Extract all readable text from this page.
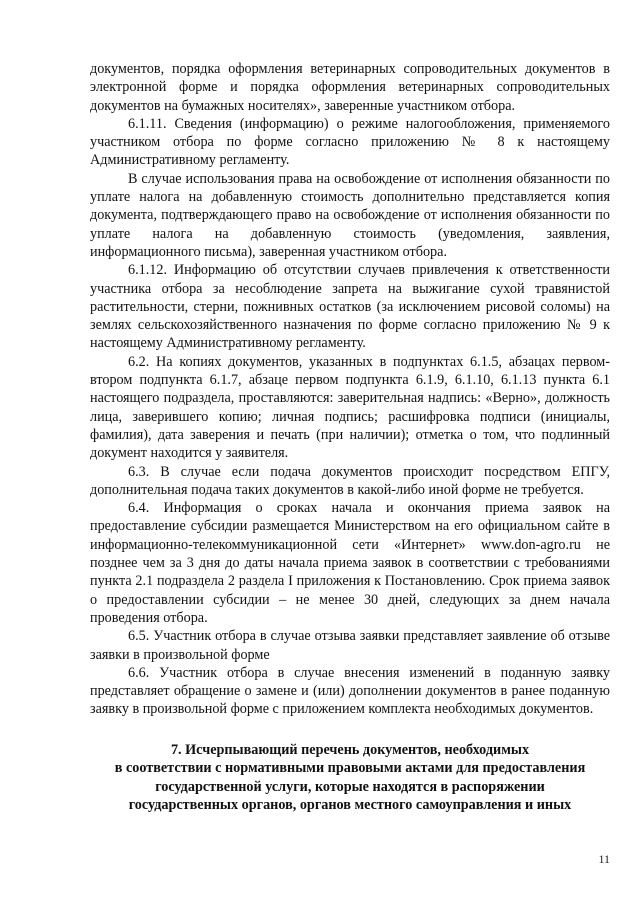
документов, порядка оформления ветеринарных сопроводительных документов в электронной форме и порядка оформления ветеринарных сопроводительных документов на бумажных носителях», заверенные участником отбора.

6.1.11. Сведения (информацию) о режиме налогообложения, применяемого участником отбора по форме согласно приложению № 8 к настоящему Административному регламенту.

В случае использования права на освобождение от исполнения обязанности по уплате налога на добавленную стоимость дополнительно представляется копия документа, подтверждающего право на освобождение от исполнения обязанности по уплате налога на добавленную стоимость (уведомления, заявления, информационного письма), заверенная участником отбора.

6.1.12. Информацию об отсутствии случаев привлечения к ответственности участника отбора за несоблюдение запрета на выжигание сухой травянистой растительности, стерни, пожнивных остатков (за исключением рисовой соломы) на землях сельскохозяйственного назначения по форме согласно приложению № 9 к настоящему Административному регламенту.

6.2. На копиях документов, указанных в подпунктах 6.1.5, абзацах первом-втором подпункта 6.1.7, абзаце первом подпункта 6.1.9, 6.1.10, 6.1.13 пункта 6.1 настоящего подраздела, проставляются: заверительная надпись: «Верно», должность лица, заверившего копию; личная подпись; расшифровка подписи (инициалы, фамилия), дата заверения и печать (при наличии); отметка о том, что подлинный документ находится у заявителя.

6.3. В случае если подача документов происходит посредством ЕПГУ, дополнительная подача таких документов в какой-либо иной форме не требуется.

6.4. Информация о сроках начала и окончания приема заявок на предоставление субсидии размещается Министерством на его официальном сайте в информационно-телекоммуникационной сети «Интернет» www.don-agro.ru не позднее чем за 3 дня до даты начала приема заявок в соответствии с требованиями пункта 2.1 подраздела 2 раздела I приложения к Постановлению. Срок приема заявок о предоставлении субсидии – не менее 30 дней, следующих за днем начала проведения отбора.

6.5. Участник отбора в случае отзыва заявки представляет заявление об отзыве заявки в произвольной форме

6.6. Участник отбора в случае внесения изменений в поданную заявку представляет обращение о замене и (или) дополнении документов в ранее поданную заявку в произвольной форме с приложением комплекта необходимых документов.

7. Исчерпывающий перечень документов, необходимых
в соответствии с нормативными правовыми актами для предоставления
государственной услуги, которые находятся в распоряжении
государственных органов, органов местного самоуправления и иных
11
